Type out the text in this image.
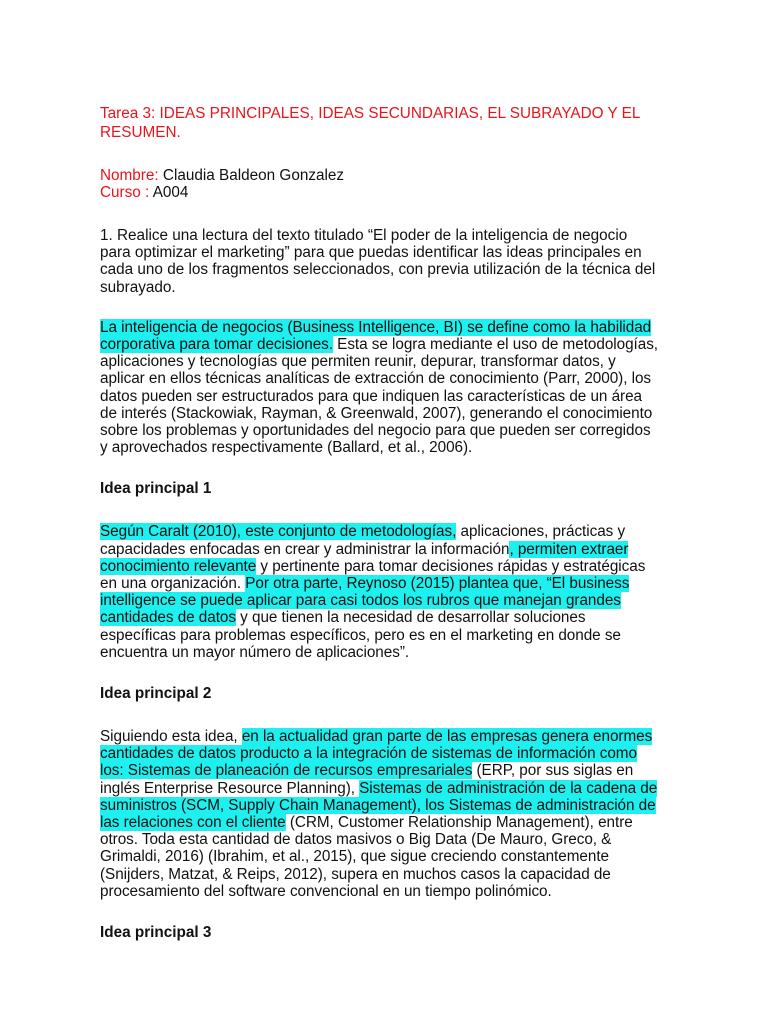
Tarea 3: IDEAS PRINCIPALES, IDEAS SECUNDARIAS, EL SUBRAYADO Y EL RESUMEN.

Nombre: Claudia Baldeon Gonzalez

Curso : A004

1. Realice una lectura del texto titulado “El poder de la inteligencia de negocio para optimizar el marketing” para que puedas identificar las ideas principales en cada uno de los fragmentos seleccionados, con previa utilización de la técnica del subrayado.

La inteligencia de negocios (Business Intelligence, BI) se define como la habilidad corporativa para tomar decisiones. Esta se logra mediante el uso de metodologías, aplicaciones y tecnologías que permiten reunir, depurar, transformar datos, y aplicar en ellos técnicas analíticas de extracción de conocimiento (Parr, 2000), los datos pueden ser estructurados para que indiquen las características de un área de interés (Stackowiak, Rayman, & Greenwald, 2007), generando el conocimiento sobre los problemas y oportunidades del negocio para que pueden ser corregidos y aprovechados respectivamente (Ballard, et al., 2006).

Idea principal 1

Según Caralt (2010), este conjunto de metodologías, aplicaciones, prácticas y capacidades enfocadas en crear y administrar la información, permiten extraer conocimiento relevante y pertinente para tomar decisiones rápidas y estratégicas en una organización. Por otra parte, Reynoso (2015) plantea que, “El business intelligence se puede aplicar para casi todos los rubros que manejan grandes cantidades de datos y que tienen la necesidad de desarrollar soluciones específicas para problemas específicos, pero es en el marketing en donde se encuentra un mayor número de aplicaciones”.

Idea principal 2

Siguiendo esta idea, en la actualidad gran parte de las empresas genera enormes cantidades de datos producto a la integración de sistemas de información como los: Sistemas de planeación de recursos empresariales (ERP, por sus siglas en inglés Enterprise Resource Planning), Sistemas de administración de la cadena de suministros (SCM, Supply Chain Management), los Sistemas de administración de las relaciones con el cliente (CRM, Customer Relationship Management), entre otros. Toda esta cantidad de datos masivos o Big Data (De Mauro, Greco, & Grimaldi, 2016) (Ibrahim, et al., 2015), que sigue creciendo constantemente (Snijders, Matzat, & Reips, 2012), supera en muchos casos la capacidad de procesamiento del software convencional en un tiempo polinómico.

Idea principal 3
